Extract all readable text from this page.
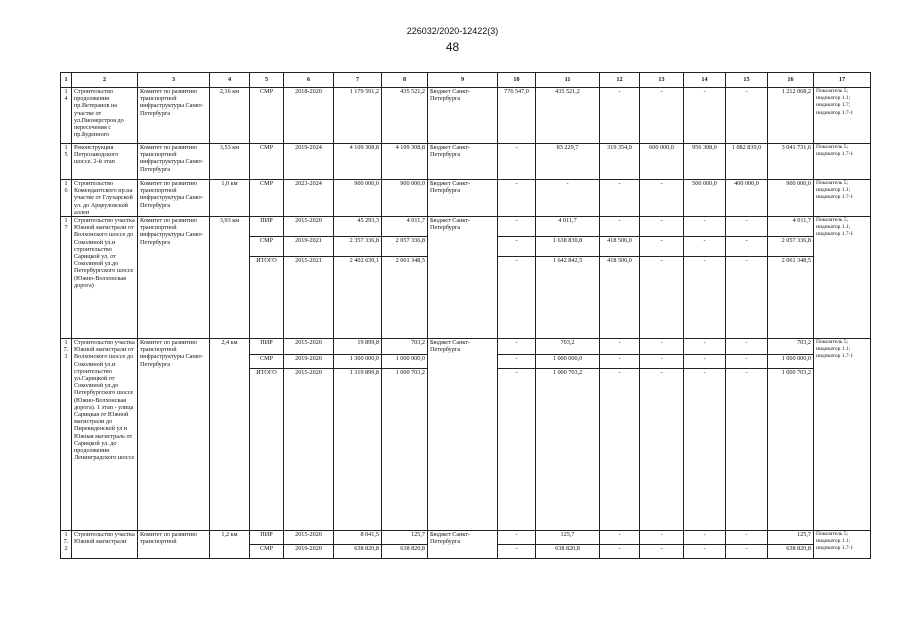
226032/2020-12422(3)
48
1	2	3	4	5	6	7	8	9	10	11	12	13	14	15	16	17
14	Строительство продолжения пр.Ветеранов на участке от ул.Пионерстроя до пересечения с пр.Буденного	Комитет по развитию транспортной инфраструктуры Санкт-Петербурга	2,16 км	СМР	2018-2020	1 179 591,2	435 521,2	Бюджет Санкт-Петербурга	776 547,0	435 521,2	-	-	-	-	1 212 068,2	Показатель 5; индикатор 1.1; индикатор 1.7; индикатор 1.7-1
15	Реконструкция Петрозаводского шоссе. 2-й этап	Комитет по развитию транспортной инфраструктуры Санкт-Петербурга	3,53 км	СМР	2019-2024	4 109 308,8	4 109 308,8	Бюджет Санкт-Петербурга	-	83 229,7	319 354,9	600 000,0	956 308,0	1 082 839,0	3 041 731,6	Показатель 5; индикатор 1.7-1
16	Строительство Комендантского пр.на участке от Глухарской ул. до Арцеуловской аллеи	Комитет по развитию транспортной инфраструктуры Санкт-Петербурга	1,0 км	СМР	2023-2024	900 000,0	900 000,0	Бюджет Санкт-Петербурга	-	-	-	-	500 000,0	400 000,0	900 000,0	Показатель 5; индикатор 1.1; индикатор 1.7-1
17	Строительство участка Южной магистрали от Волхонского шоссе до Соколиной ул.и строительство Сарицкой ул. от Соколиной ул.до Петербургского шоссе (Южно-Волхонская дорога)	Комитет по развитию транспортной инфраструктуры Санкт-Петербурга	3,93 км	ПИР	2015-2020	45 293,3	4 011,7	Бюджет Санкт-Петербурга	-	4 011,7	-	-	-	-	4 011,7	Показатель 5; индикатор 1.1; индикатор 1.7-1
				СМР	2019-2021	2 357 336,8	2 057 336,8		-	1 638 830,8	418 506,0	-	-	-	2 057 336,8	
				ИТОГО	2015-2021	2 402 630,1	2 061 348,5		-	1 642 842,5	418 506,0	-	-	-	2 061 348,5	
17.1	Строительство участка Южной магистрали от Волхонского шоссе до Соколиной ул.и строительство ул.Сарицкой от Соколиной ул.до Петербургского шоссе (Южно-Волхонская дорога). 1 этап - улица Сарицкая от Южной магистрали до Пиревиденской ул и Южная магистраль от Сарицкой ул. до продолжения Ленинградского шоссе	Комитет по развитию транспортной инфраструктуры Санкт-Петербурга	2,4 км	ПИР	2015-2020	19 899,8	703,2	Бюджет Санкт-Петербурга	-	703,2	-	-	-	-	703,2	Показатель 5; индикатор 1.1; индикатор 1.7-1
				СМР	2019-2020	1 300 000,0	1 000 000,0		-	1 000 000,0	-	-	-	-	1 000 000,0	
				ИТОГО	2015-2020	1 319 899,8	1 000 703,2		-	1 000 703,2	-	-	-	-	1 000 703,2	
17.2	Строительство участка Южной магистрали	Комитет по развитию транспортной	1,2 км	ПИР	2015-2020	8 041,5	125,7	Бюджет Санкт-Петербурга	-	125,7	-	-	-	-	125,7	Показатель 5; индикатор 1.1; индикатор 1.7-1
				СМР	2019-2020	638 820,8	638 820,8		-	638 820,8	-	-	-	-	638 820,8	
